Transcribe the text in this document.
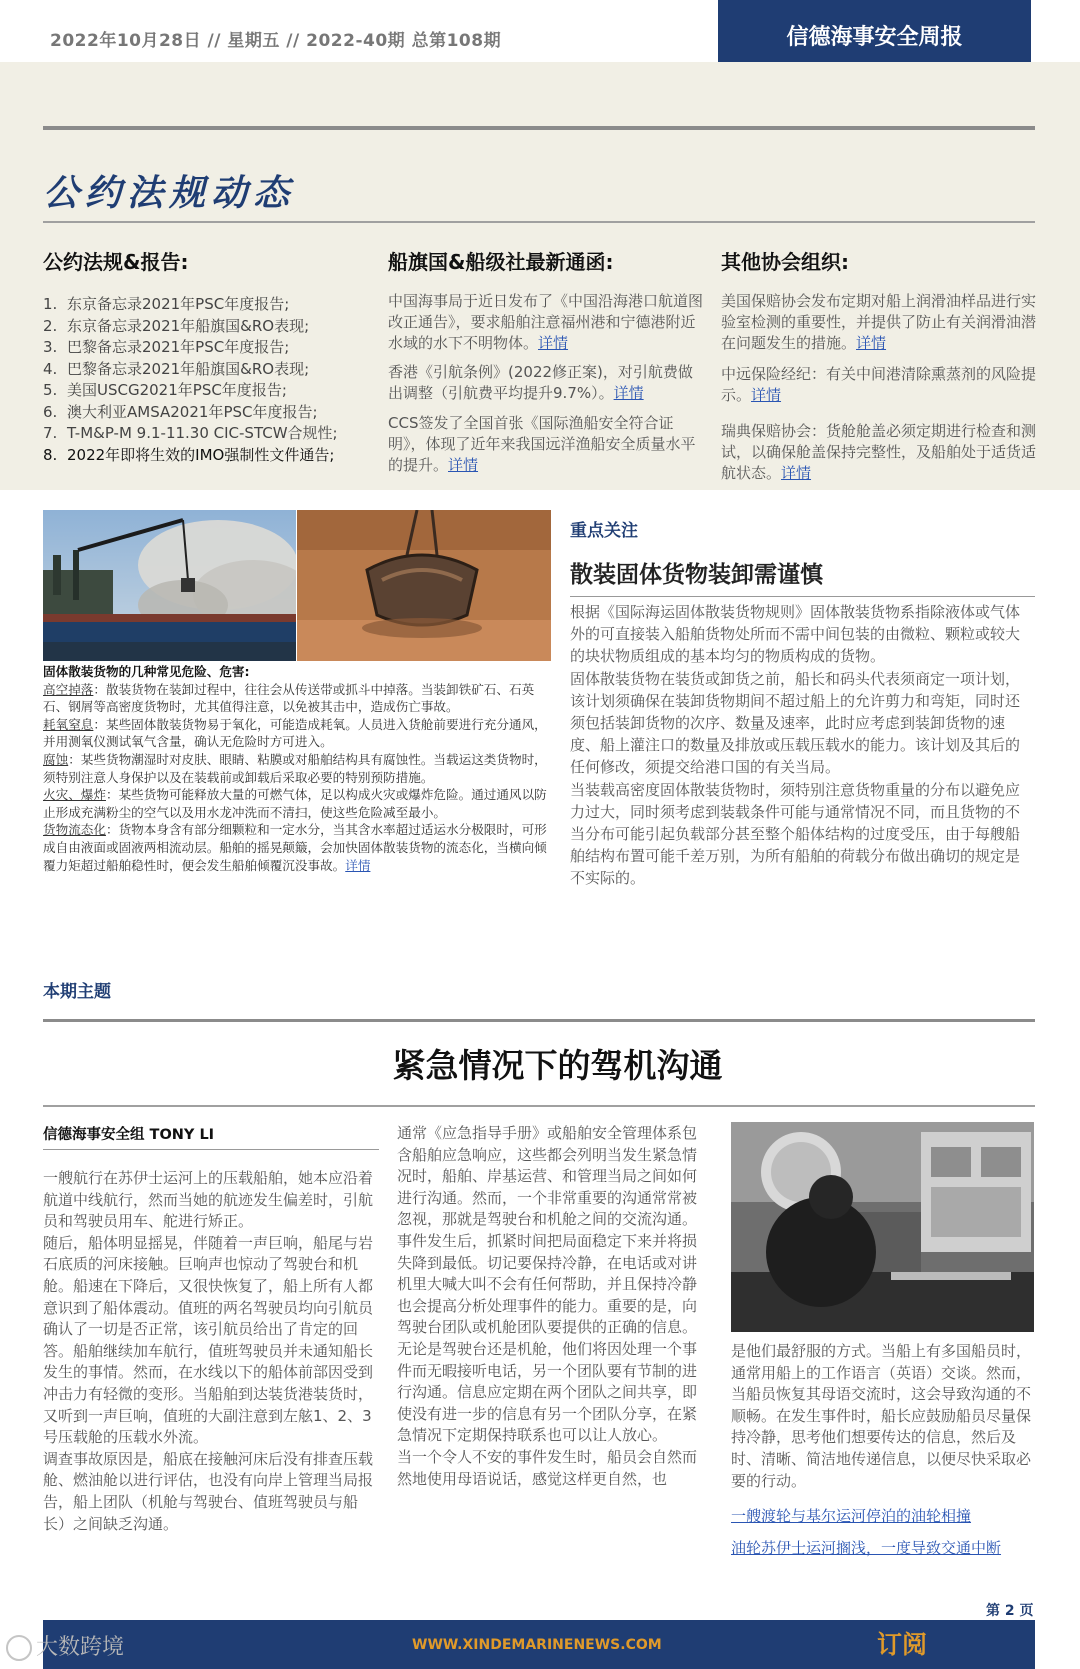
2022年10月28日 // 星期五 // 2022-40期 总第108期	信德海事安全周报
公约法规动态
公约法规&报告:
1. 东京备忘录2021年PSC年度报告;
2. 东京备忘录2021年船旗国&RO表现;
3. 巴黎备忘录2021年PSC年度报告;
4. 巴黎备忘录2021年船旗国&RO表现;
5. 美国USCG2021年PSC年度报告;
6. 澳大利亚AMSA2021年PSC年度报告;
7. T-M&P-M 9.1-11.30 CIC-STCW合规性;
8. 2022年即将生效的IMO强制性文件通告;
船旗国&船级社最新通函:
中国海事局于近日发布了《中国沿海港口航道图改正通告》，要求船舶注意福州港和宁德港附近水域的水下不明物体。详情
香港《引航条例》(2022修正案)，对引航费做出调整（引航费平均提升9.7%）。详情
CCS签发了全国首张《国际渔船安全符合证明》，体现了近年来我国远洋渔船安全质量水平的提升。详情
其他协会组织:
美国保赔协会发布定期对船上润滑油样品进行实验室检测的重要性，并提供了防止有关润滑油潜在问题发生的措施。详情
中远保险经纪：有关中间港清除熏蒸剂的风险提示。详情
瑞典保赔协会：货舱舱盖必须定期进行检查和测试，以确保舱盖保持完整性，及船舶处于适货适航状态。详情
固体散装货物的几种常见危险、危害:
高空掉落：散装货物在装卸过程中，往往会从传送带或抓斗中掉落。当装卸铁矿石、石英石、钢屑等高密度货物时，尤其值得注意，以免被其击中，造成伤亡事故。
耗氧窒息：某些固体散装货物易于氧化，可能造成耗氧。人员进入货舱前要进行充分通风，并用测氧仪测试氧气含量，确认无危险时方可进入。
腐蚀：某些货物潮湿时对皮肤、眼睛、粘膜或对船舶结构具有腐蚀性。当载运这类货物时，须特别注意人身保护以及在装载前或卸载后采取必要的特别预防措施。
火灾、爆炸：某些货物可能释放大量的可燃气体，足以构成火灾或爆炸危险。通过通风以防止形成充满粉尘的空气以及用水龙冲洗而不清扫，使这些危险减至最小。
货物流态化：货物本身含有部分细颗粒和一定水分，当其含水率超过适运水分极限时，可形成自由液面或固液两相流动层。船舶的摇晃颠簸，会加快固体散装货物的流态化，当横向倾覆力矩超过船舶稳性时，便会发生船舶倾覆沉没事故。详情
重点关注
散装固体货物装卸需谨慎

根据《国际海运固体散装货物规则》固体散装货物系指除液体或气体外的可直接装入船舶货物处所而不需中间包装的由微粒、颗粒或较大的块状物质组成的基本均匀的物质构成的货物。

固体散装货物在装货或卸货之前，船长和码头代表须商定一项计划，该计划须确保在装卸货物期间不超过船上的允许剪力和弯矩，同时还须包括装卸货物的次序、数量及速率，此时应考虑到装卸货物的速度、船上灌注口的数量及排放或压载压载水的能力。该计划及其后的任何修改，须提交给港口国的有关当局。

当装载高密度固体散装货物时，须特别注意货物重量的分布以避免应力过大，同时须考虑到装载条件可能与通常情况不同，而且货物的不当分布可能引起负载部分甚至整个船体结构的过度受压，由于每艘船舶结构布置可能千差万别，为所有船舶的荷载分布做出确切的规定是不实际的。

本期主题
紧急情况下的驾机沟通
信德海事安全组 TONY LI

一艘航行在苏伊士运河上的压载船舶，她本应沿着航道中线航行，然而当她的航迹发生偏差时，引航员和驾驶员用车、舵进行矫正。

随后，船体明显摇晃，伴随着一声巨响，船尾与岩石底质的河床接触。巨响声也惊动了驾驶台和机舱。船速在下降后，又很快恢复了，船上所有人都意识到了船体震动。值班的两名驾驶员均向引航员确认了一切是否正常，该引航员给出了肯定的回答。船舶继续加车航行，值班驾驶员并未通知船长发生的事情。然而，在水线以下的船体前部因受到冲击力有轻微的变形。当船舶到达装货港装货时，又听到一声巨响，值班的大副注意到左舷1、2、3号压载舱的压载水外流。

调查事故原因是，船底在接触河床后没有排查压载舱、燃油舱以进行评估，也没有向岸上管理当局报告，船上团队（机舱与驾驶台、值班驾驶员与船长）之间缺乏沟通。

通常《应急指导手册》或船舶安全管理体系包含船舶应急响应，这些都会列明当发生紧急情况时，船舶、岸基运营、和管理当局之间如何进行沟通。然而，一个非常重要的沟通常常被忽视，那就是驾驶台和机舱之间的交流沟通。

事件发生后，抓紧时间把局面稳定下来并将损失降到最低。切记要保持冷静，在电话或对讲机里大喊大叫不会有任何帮助，并且保持冷静也会提高分析处理事件的能力。重要的是，向驾驶台团队或机舱团队要提供的正确的信息。

无论是驾驶台还是机舱，他们将因处理一个事件而无暇接听电话，另一个团队要有节制的进行沟通。信息应定期在两个团队之间共享，即使没有进一步的信息有另一个团队分享，在紧急情况下定期保持联系也可以让人放心。

当一个令人不安的事件发生时，船员会自然而然地使用母语说话，感觉这样更自然，也

是他们最舒服的方式。当船上有多国船员时，通常用船上的工作语言（英语）交谈。然而，当船员恢复其母语交流时，这会导致沟通的不顺畅。在发生事件时，船长应鼓励船员尽量保持冷静，思考他们想要传达的信息，然后及时、清晰、简洁地传递信息，以便尽快采取必要的行动。

一艘渡轮与基尔运河停泊的油轮相撞

油轮苏伊士运河搁浅，一度导致交通中断

第 2 页
WWW.XINDEMARINENEWS.COM	订阅
大数跨境
